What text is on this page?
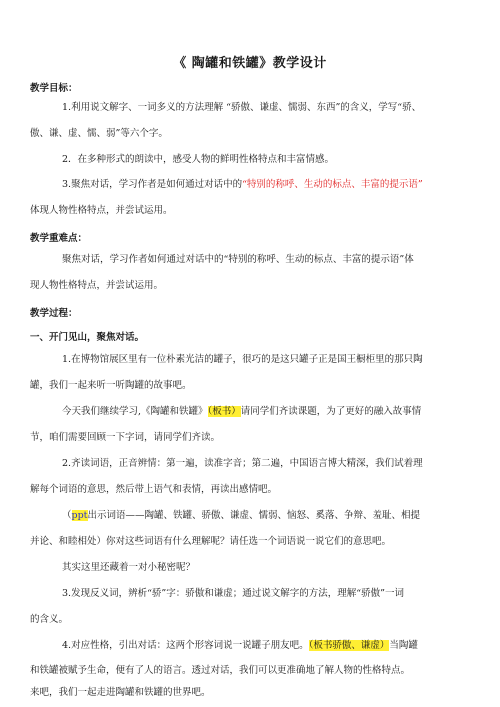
《 陶罐和铁罐》教学设计
教学目标：
1.利用说文解字、一词多义的方法理解 “骄傲、谦虚、懦弱、东西”的含义，学写“骄、
傲、谦、虚、懦、弱”等六个字。
2．在多种形式的朗读中，感受人物的鲜明性格特点和丰富情感。
3.聚焦对话，学习作者是如何通过对话中的“特别的称呼、生动的标点、丰富的提示语”
体现人物性格特点，并尝试运用。
教学重难点：
聚焦对话，学习作者如何通过对话中的“特别的称呼、生动的标点、丰富的提示语”体
现人物性格特点，并尝试运用。
教学过程：
一、开门见山，聚焦对话。
1.在博物馆展区里有一位朴素光洁的罐子，很巧的是这只罐子正是国王橱柜里的那只陶
罐，我们一起来听一听陶罐的故事吧。
今天我们继续学习,《陶罐和铁罐》（板书）请同学们齐读课题，为了更好的融入故事情
节，咱们需要回顾一下字词，请同学们齐读。
2.齐读词语，正音辨情：第一遍，读准字音；第二遍，中国语言博大精深，我们试着理
解每个词语的意思，然后带上语气和表情，再读出感情吧。
（ppt出示词语——陶罐、铁罐、骄傲、谦虚、懦弱、恼怒、奚落、争辩、羞耻、相提
并论、和睦相处）你对这些词语有什么理解呢？请任选一个词语说一说它们的意思吧。
其实这里还藏着一对小秘密呢？
3.发现反义词，辨析“骄”字：骄傲和谦虚；通过说文解字的方法，理解“骄傲”一词
的含义。
4.对应性格，引出对话：这两个形容词说一说罐子朋友吧。（板书骄傲、谦虚）当陶罐
和铁罐被赋予生命，便有了人的语言。透过对话，我们可以更准确地了解人物的性格特点。
来吧，我们一起走进陶罐和铁罐的世界吧。
